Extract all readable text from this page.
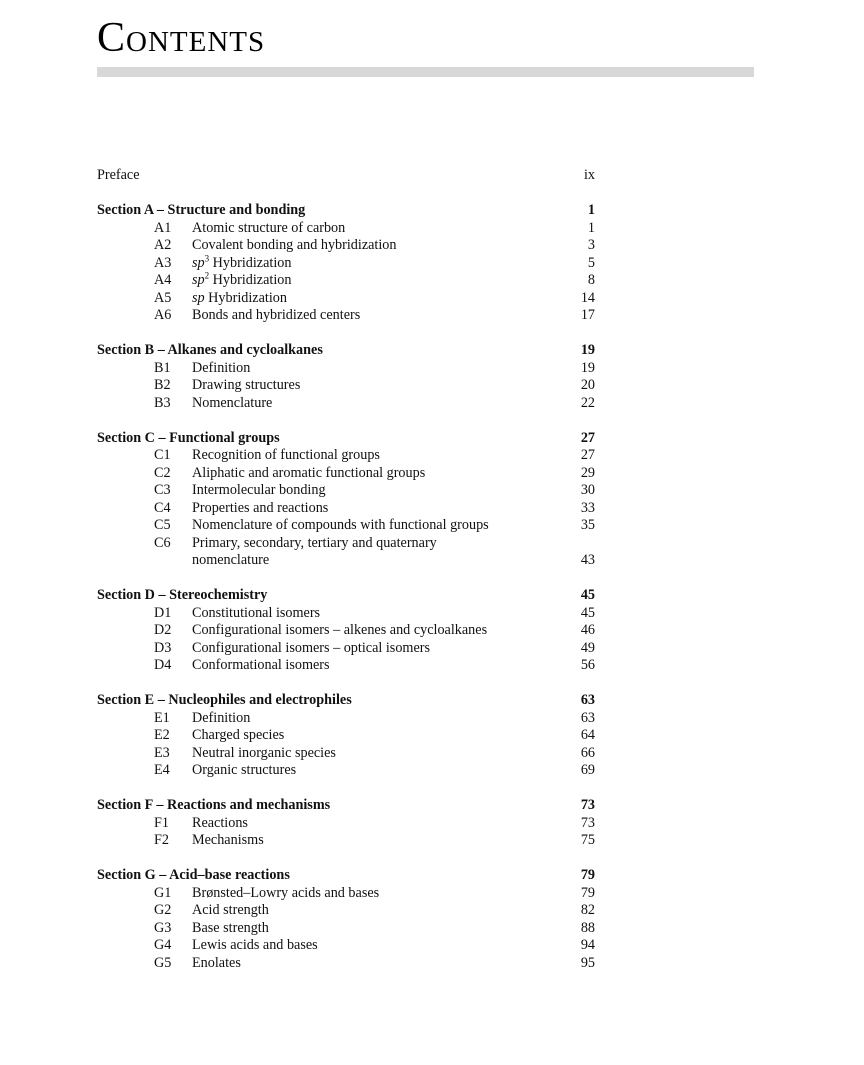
Contents
Preface	ix
Section A – Structure and bonding	1
A1	Atomic structure of carbon	1
A2	Covalent bonding and hybridization	3
A3	$sp^3$ Hybridization	5
A4	$sp^2$ Hybridization	8
A5	sp Hybridization	14
A6	Bonds and hybridized centers	17
Section B – Alkanes and cycloalkanes	19
B1	Definition	19
B2	Drawing structures	20
B3	Nomenclature	22
Section C – Functional groups	27
C1	Recognition of functional groups	27
C2	Aliphatic and aromatic functional groups	29
C3	Intermolecular bonding	30
C4	Properties and reactions	33
C5	Nomenclature of compounds with functional groups	35
C6	Primary, secondary, tertiary and quaternary
nomenclature	43
Section D – Stereochemistry	45
D1	Constitutional isomers	45
D2	Configurational isomers – alkenes and cycloalkanes	46
D3	Configurational isomers – optical isomers	49
D4	Conformational isomers	56
Section E – Nucleophiles and electrophiles	63
E1	Definition	63
E2	Charged species	64
E3	Neutral inorganic species	66
E4	Organic structures	69
Section F – Reactions and mechanisms	73
F1	Reactions	73
F2	Mechanisms	75
Section G – Acid–base reactions	79
G1	Brønsted–Lowry acids and bases	79
G2	Acid strength	82
G3	Base strength	88
G4	Lewis acids and bases	94
G5	Enolates	95
